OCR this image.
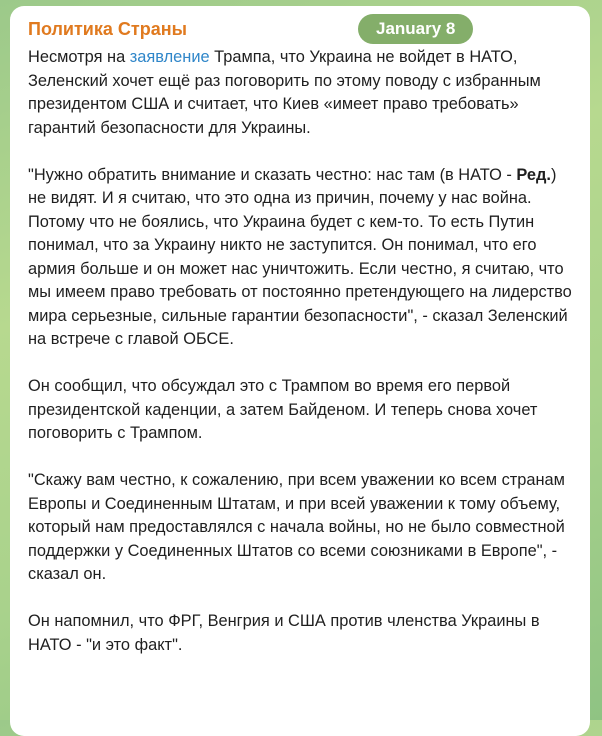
Политика Страны	January 8

Несмотря на заявление Трампа, что Украина не войдет в НАТО, Зеленский хочет ещё раз поговорить по этому поводу с избранным президентом США и считает, что Киев «имеет право требовать» гарантий безопасности для Украины.

"Нужно обратить внимание и сказать честно: нас там (в НАТО - Ред.) не видят. И я считаю, что это одна из причин, почему у нас война. Потому что не боялись, что Украина будет с кем-то. То есть Путин понимал, что за Украину никто не заступится. Он понимал, что его армия больше и он может нас уничтожить. Если честно, я считаю, что мы имеем право требовать от постоянно претендующего на лидерство мира серьезные, сильные гарантии безопасности", - сказал Зеленский на встрече с главой ОБСЕ.

Он сообщил, что обсуждал это с Трампом во время его первой президентской каденции, а затем Байденом. И теперь снова хочет поговорить с Трампом.

"Скажу вам честно, к сожалению, при всем уважении ко всем странам Европы и Соединенным Штатам, и при всей уважении к тому объему, который нам предоставлялся с начала войны, но не было совместной поддержки у Соединенных Штатов со всеми союзниками в Европе", - сказал он.

Он напомнил, что ФРГ, Венгрия и США против членства Украины в НАТО - "и это факт".
